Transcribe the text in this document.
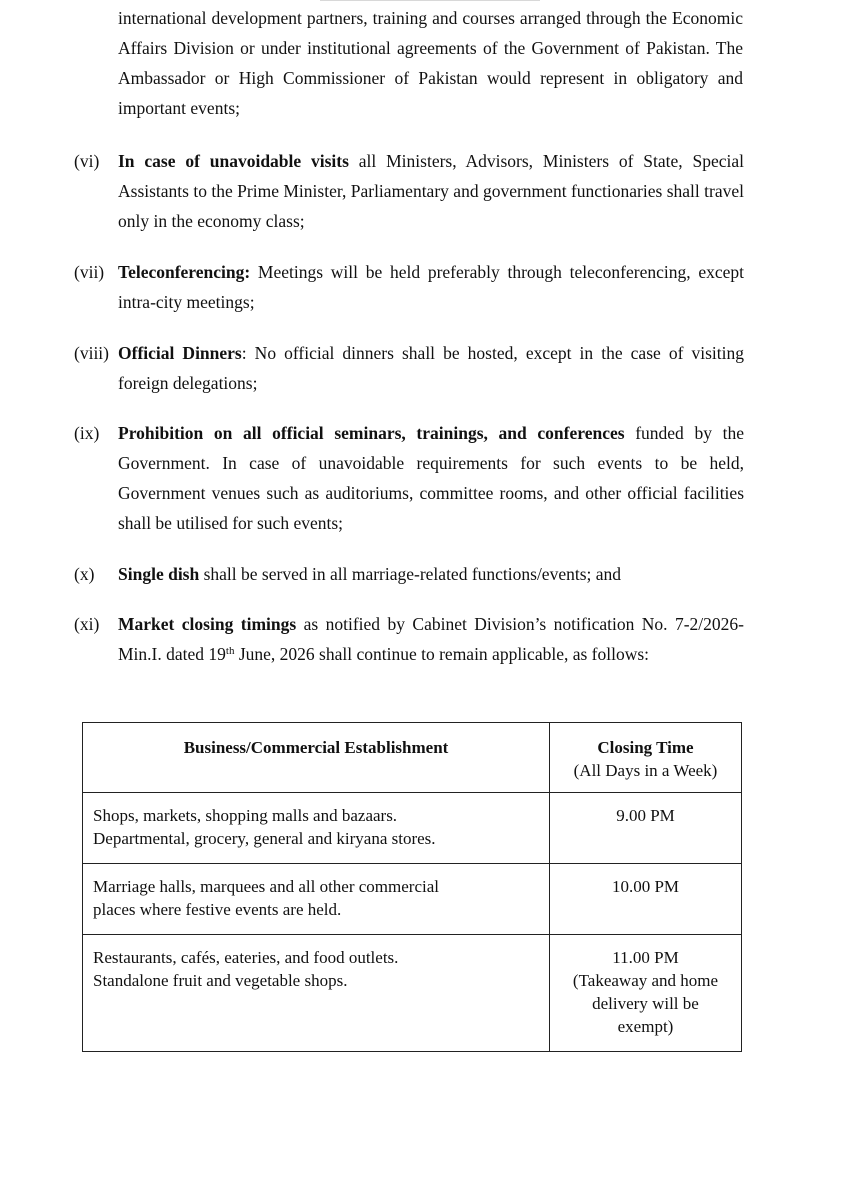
international development partners, training and courses arranged through the Economic Affairs Division or under institutional agreements of the Government of Pakistan. The Ambassador or High Commissioner of Pakistan would represent in obligatory and important events;
(vi)	In case of unavoidable visits all Ministers, Advisors, Ministers of State, Special Assistants to the Prime Minister, Parliamentary and government functionaries shall travel only in the economy class;
(vii) Teleconferencing: Meetings will be held preferably through teleconferencing, except intra-city meetings;
(viii) Official Dinners: No official dinners shall be hosted, except in the case of visiting foreign delegations;
(ix)	Prohibition on all official seminars, trainings, and conferences funded by the Government. In case of unavoidable requirements for such events to be held, Government venues such as auditoriums, committee rooms, and other official facilities shall be utilised for such events;
(x)	Single dish shall be served in all marriage-related functions/events; and
(xi)	Market closing timings as notified by Cabinet Division’s notification No. 7-2/2026-Min.I. dated 19th June, 2026 shall continue to remain applicable, as follows:
Business/Commercial Establishment	Closing Time
(All Days in a Week)

Shops, markets, shopping malls and bazaars.
Departmental, grocery, general and kiryana stores.	9.00 PM

Marriage halls, marquees and all other commercial
places where festive events are held.	10.00 PM

Restaurants, cafés, eateries, and food outlets.
Standalone fruit and vegetable shops.	11.00 PM
(Takeaway and home
delivery will be
exempt)
